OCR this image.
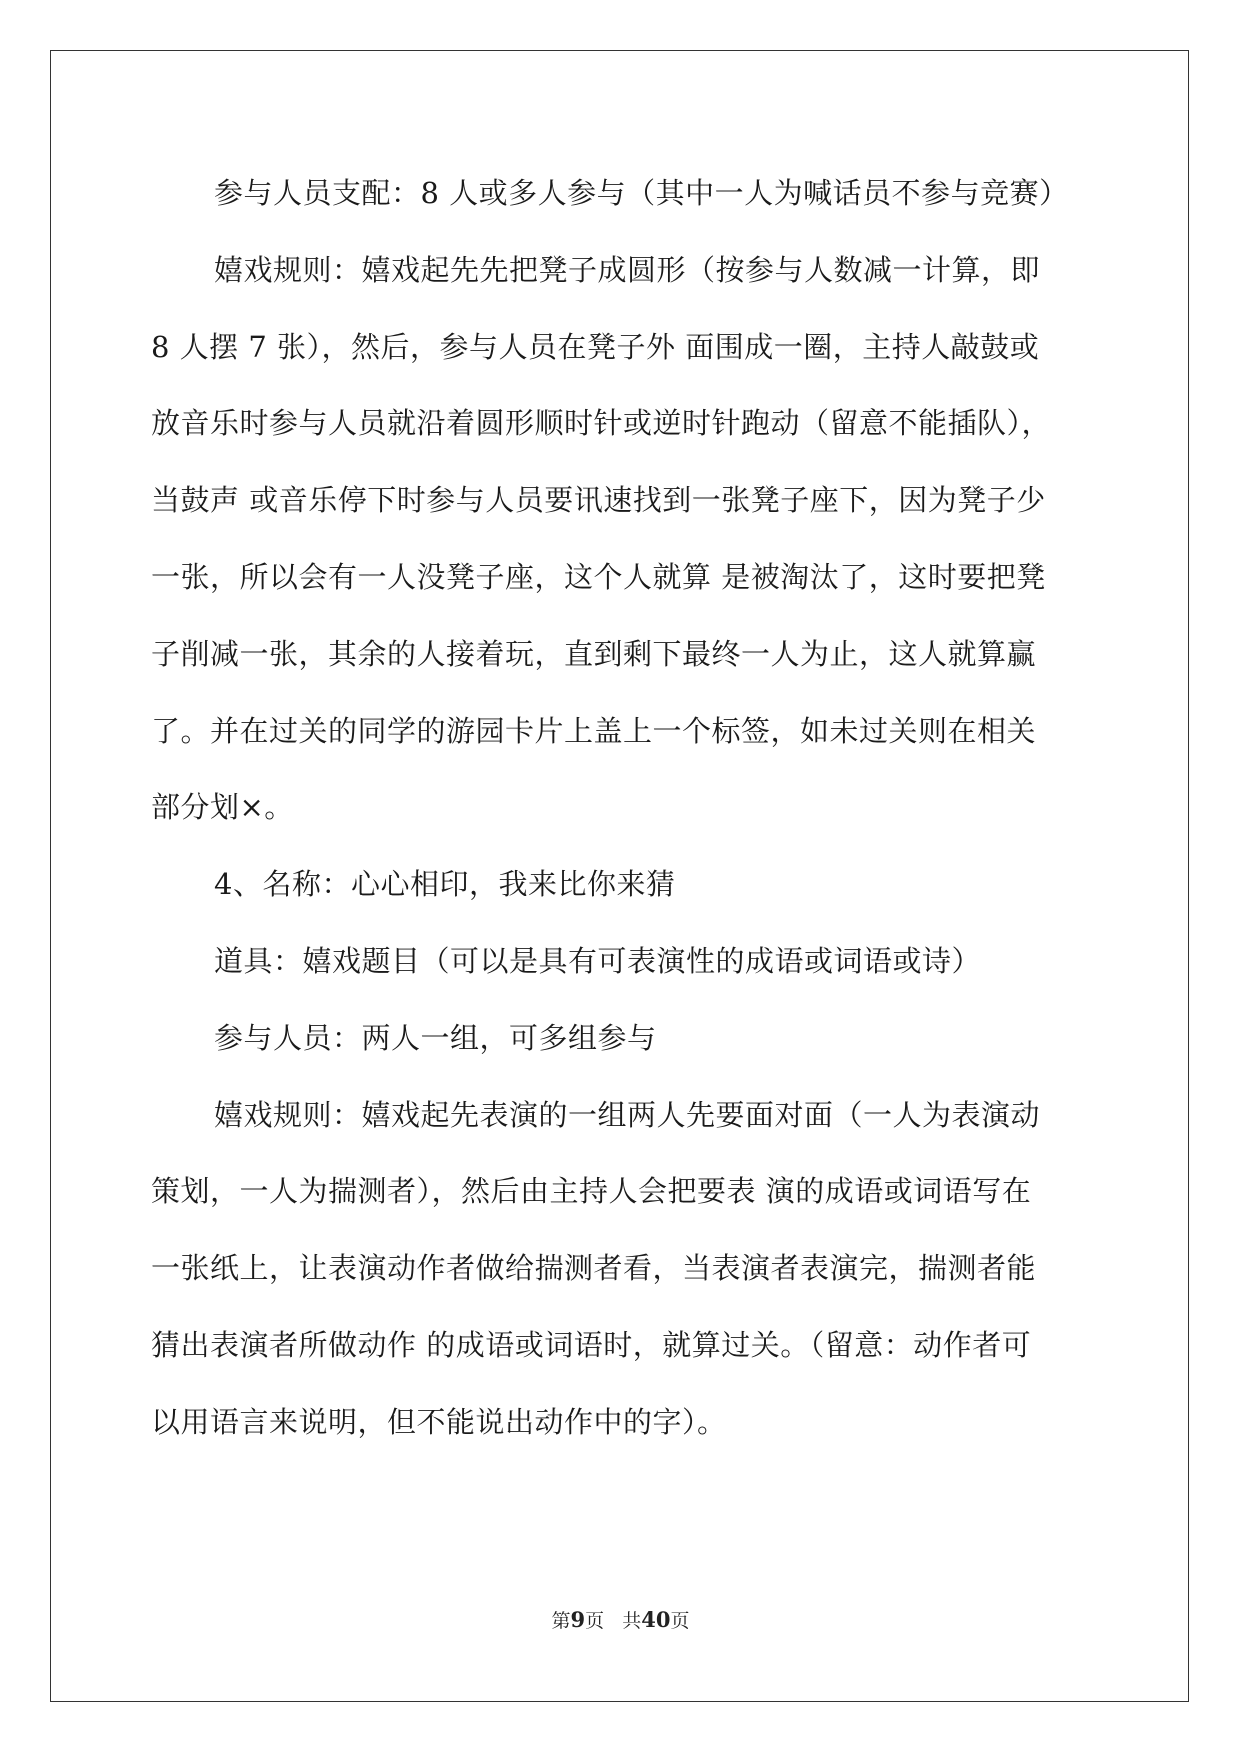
参与人员支配：8 人或多人参与（其中一人为喊话员不参与竞赛）
嬉戏规则：嬉戏起先先把凳子成圆形（按参与人数减一计算，即
8 人摆 7 张），然后，参与人员在凳子外 面围成一圈，主持人敲鼓或
放音乐时参与人员就沿着圆形顺时针或逆时针跑动（留意不能插队），
当鼓声 或音乐停下时参与人员要讯速找到一张凳子座下，因为凳子少
一张，所以会有一人没凳子座，这个人就算 是被淘汰了，这时要把凳
子削减一张，其余的人接着玩，直到剩下最终一人为止，这人就算赢
了。并在过关的同学的游园卡片上盖上一个标签，如未过关则在相关
部分划×。
4、名称：心心相印，我来比你来猜
道具：嬉戏题目（可以是具有可表演性的成语或词语或诗）
参与人员：两人一组，可多组参与
嬉戏规则：嬉戏起先表演的一组两人先要面对面（一人为表演动
策划，一人为揣测者），然后由主持人会把要表 演的成语或词语写在
一张纸上，让表演动作者做给揣测者看，当表演者表演完，揣测者能
猜出表演者所做动作 的成语或词语时，就算过关。（留意：动作者可
以用语言来说明，但不能说出动作中的字）。
第9页 共40页
